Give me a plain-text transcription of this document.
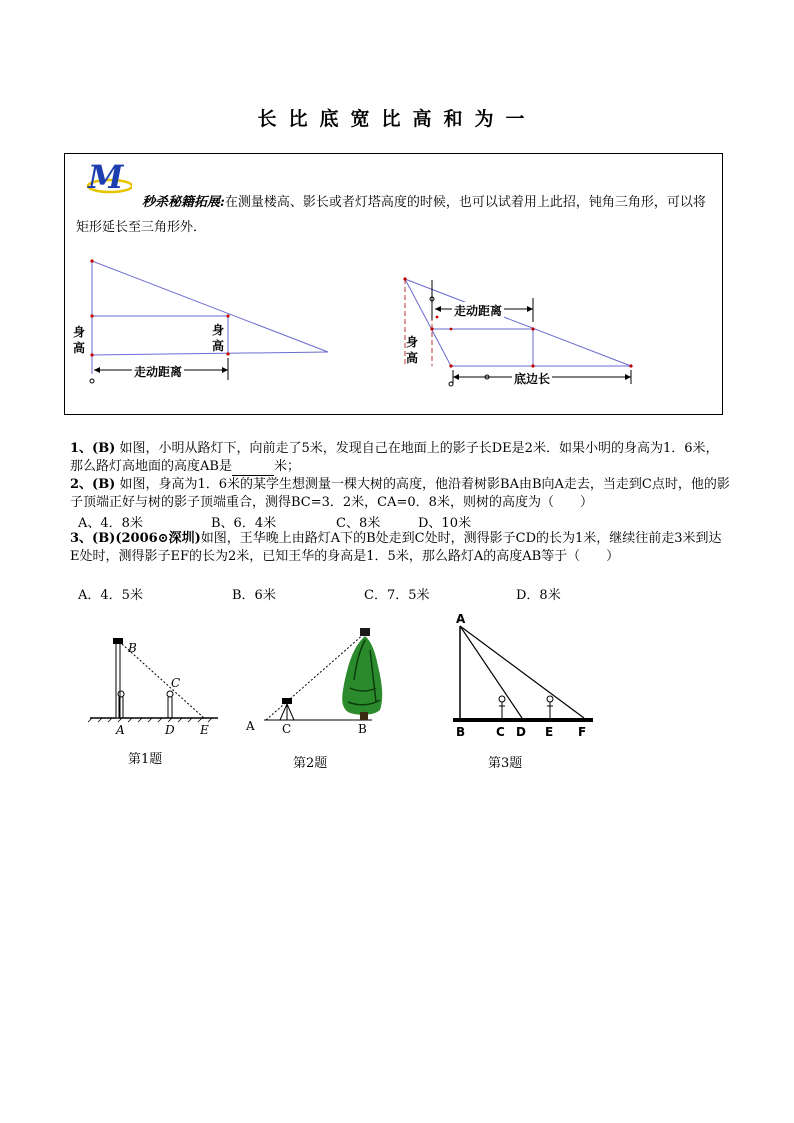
长比底宽比高和为一
M
秒杀秘籍拓展:在测量楼高、影长或者灯塔高度的时候，也可以试着用上此招，钝角三角形，可以将矩形延长至三角形外．
身高
身高
走动距离
身高
走动距离
底边长
1、(B) 如图，小明从路灯下，向前走了5米，发现自己在地面上的影子长DE是2米．如果小明的身高为1．6米，那么路灯高地面的高度AB是	米；
2、(B) 如图，身高为1．6米的某学生想测量一棵大树的高度，他沿着树影BA由B向A走去，当走到C点时，他的影子顶端正好与树的影子顶端重合，测得BC=3．2米，CA=0．8米，则树的高度为（　　）
A、4．8米	B、6．4米	C、8米	D、10米
3、(B)(2006⊙深圳)如图，王华晚上由路灯A下的B处走到C处时，测得影子CD的长为1米，继续往前走3米到达E处时，测得影子EF的长为2米，已知王华的身高是1．5米，那么路灯A的高度AB等于（　　）
A．4．5米	B．6米	C．7．5米	D．8米
B
C
A	D E
第1题
A C	B
第2题
A
B	C D E F
第3题
